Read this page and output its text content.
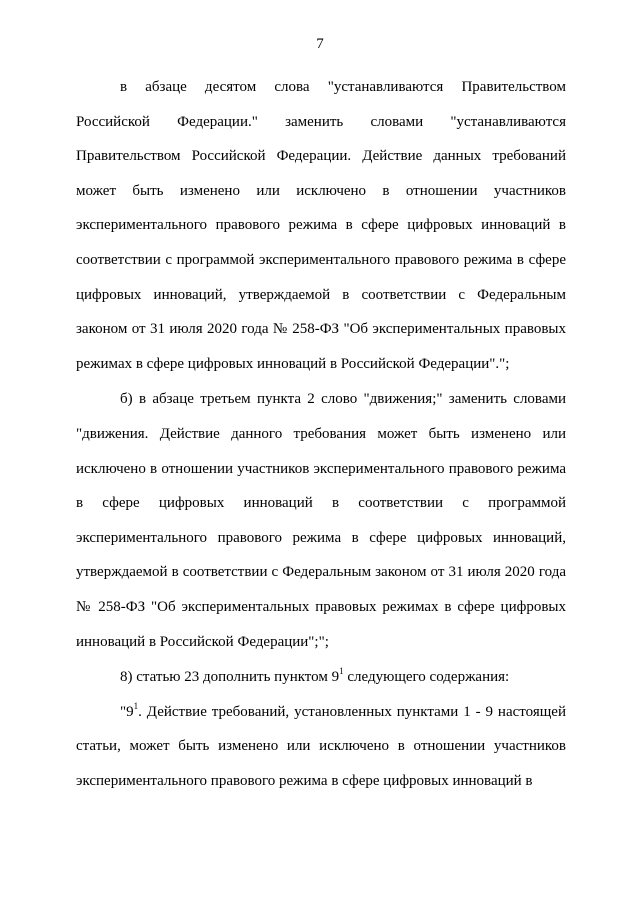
7

в абзаце десятом слова "устанавливаются Правительством Российской Федерации." заменить словами "устанавливаются Правительством Российской Федерации. Действие данных требований может быть изменено или исключено в отношении участников экспериментального правового режима в сфере цифровых инноваций в соответствии с программой экспериментального правового режима в сфере цифровых инноваций, утверждаемой в соответствии с Федеральным законом от 31 июля 2020 года № 258-ФЗ "Об экспериментальных правовых режимах в сфере цифровых инноваций в Российской Федерации".";

б) в абзаце третьем пункта 2 слово "движения;" заменить словами "движения. Действие данного требования может быть изменено или исключено в отношении участников экспериментального правового режима в сфере цифровых инноваций в соответствии с программой экспериментального правового режима в сфере цифровых инноваций, утверждаемой в соответствии с Федеральным законом от 31 июля 2020 года № 258-ФЗ "Об экспериментальных правовых режимах в сфере цифровых инноваций в Российской Федерации";";

8) статью 23 дополнить пунктом $9^1$ следующего содержания:

"$9^1$. Действие требований, установленных пунктами 1 - 9 настоящей статьи, может быть изменено или исключено в отношении участников экспериментального правового режима в сфере цифровых инноваций в
